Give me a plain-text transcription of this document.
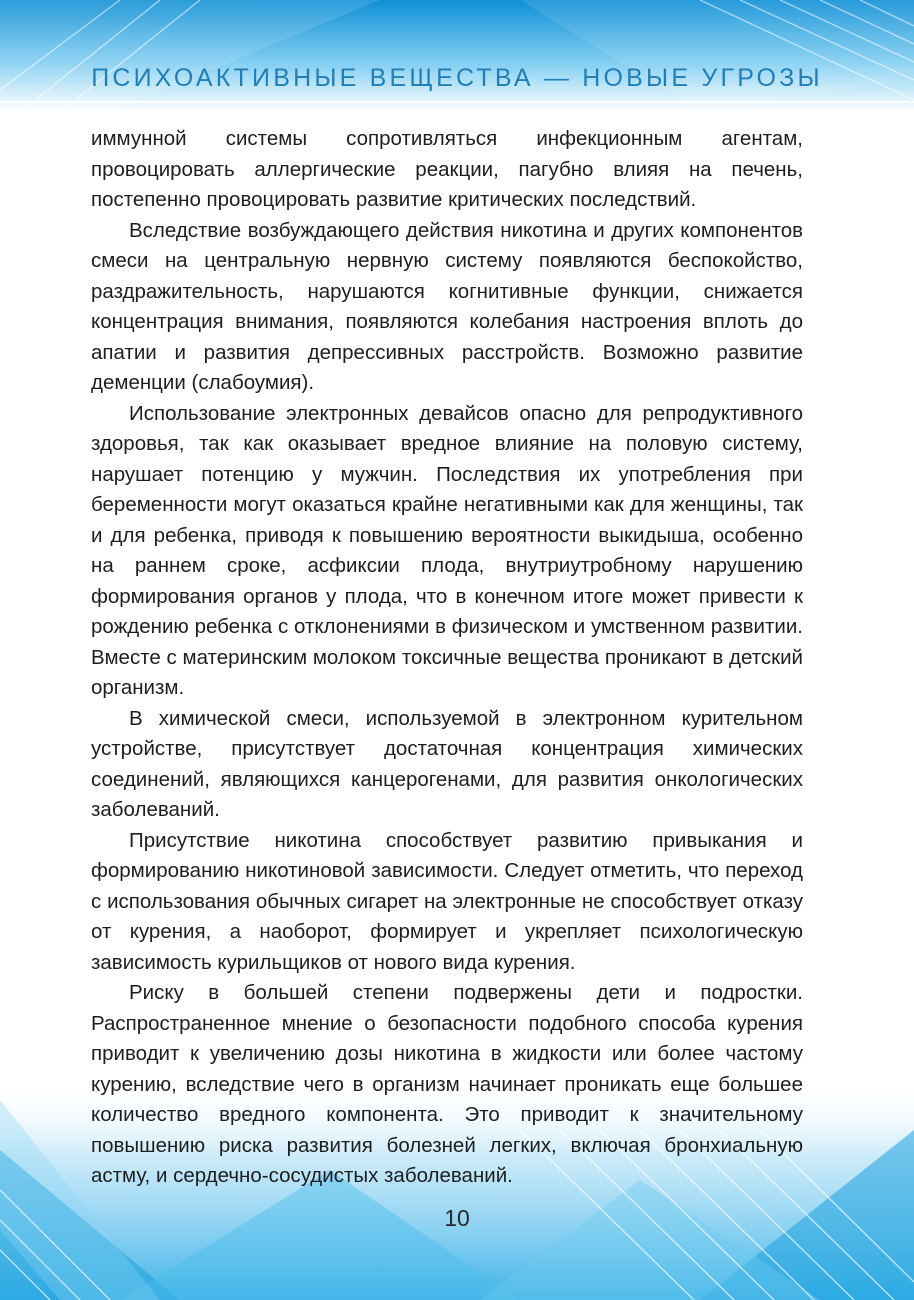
ПСИХОАКТИВНЫЕ ВЕЩЕСТВА — НОВЫЕ УГРОЗЫ

иммунной системы сопротивляться инфекционным агентам, провоцировать аллергические реакции, пагубно влияя на печень, постепенно провоцировать развитие критических последствий.

Вследствие возбуждающего действия никотина и других компонентов смеси на центральную нервную систему появляются беспокойство, раздражительность, нарушаются когнитивные функции, снижается концентрация внимания, появляются колебания настроения вплоть до апатии и развития депрессивных расстройств. Возможно развитие деменции (слабоумия).

Использование электронных девайсов опасно для репродуктивного здоровья, так как оказывает вредное влияние на половую систему, нарушает потенцию у мужчин. Последствия их употребления при беременности могут оказаться крайне негативными как для женщины, так и для ребенка, приводя к повышению вероятности выкидыша, особенно на раннем сроке, асфиксии плода, внутриутробному нарушению формирования органов у плода, что в конечном итоге может привести к рождению ребенка с отклонениями в физическом и умственном развитии. Вместе с материнским молоком токсичные вещества проникают в детский организм.

В химической смеси, используемой в электронном курительном устройстве, присутствует достаточная концентрация химических соединений, являющихся канцерогенами, для развития онкологических заболеваний.

Присутствие никотина способствует развитию привыкания и формированию никотиновой зависимости. Следует отметить, что переход с использования обычных сигарет на электронные не способствует отказу от курения, а наоборот, формирует и укрепляет психологическую зависимость курильщиков от нового вида курения.

Риску в большей степени подвержены дети и подростки. Распространенное мнение о безопасности подобного способа курения приводит к увеличению дозы никотина в жидкости или более частому курению, вследствие чего в организм начинает проникать еще большее количество вредного компонента. Это приводит к значительному повышению риска развития болезней легких, включая бронхиальную астму, и сердечно-сосудистых заболеваний.

10
